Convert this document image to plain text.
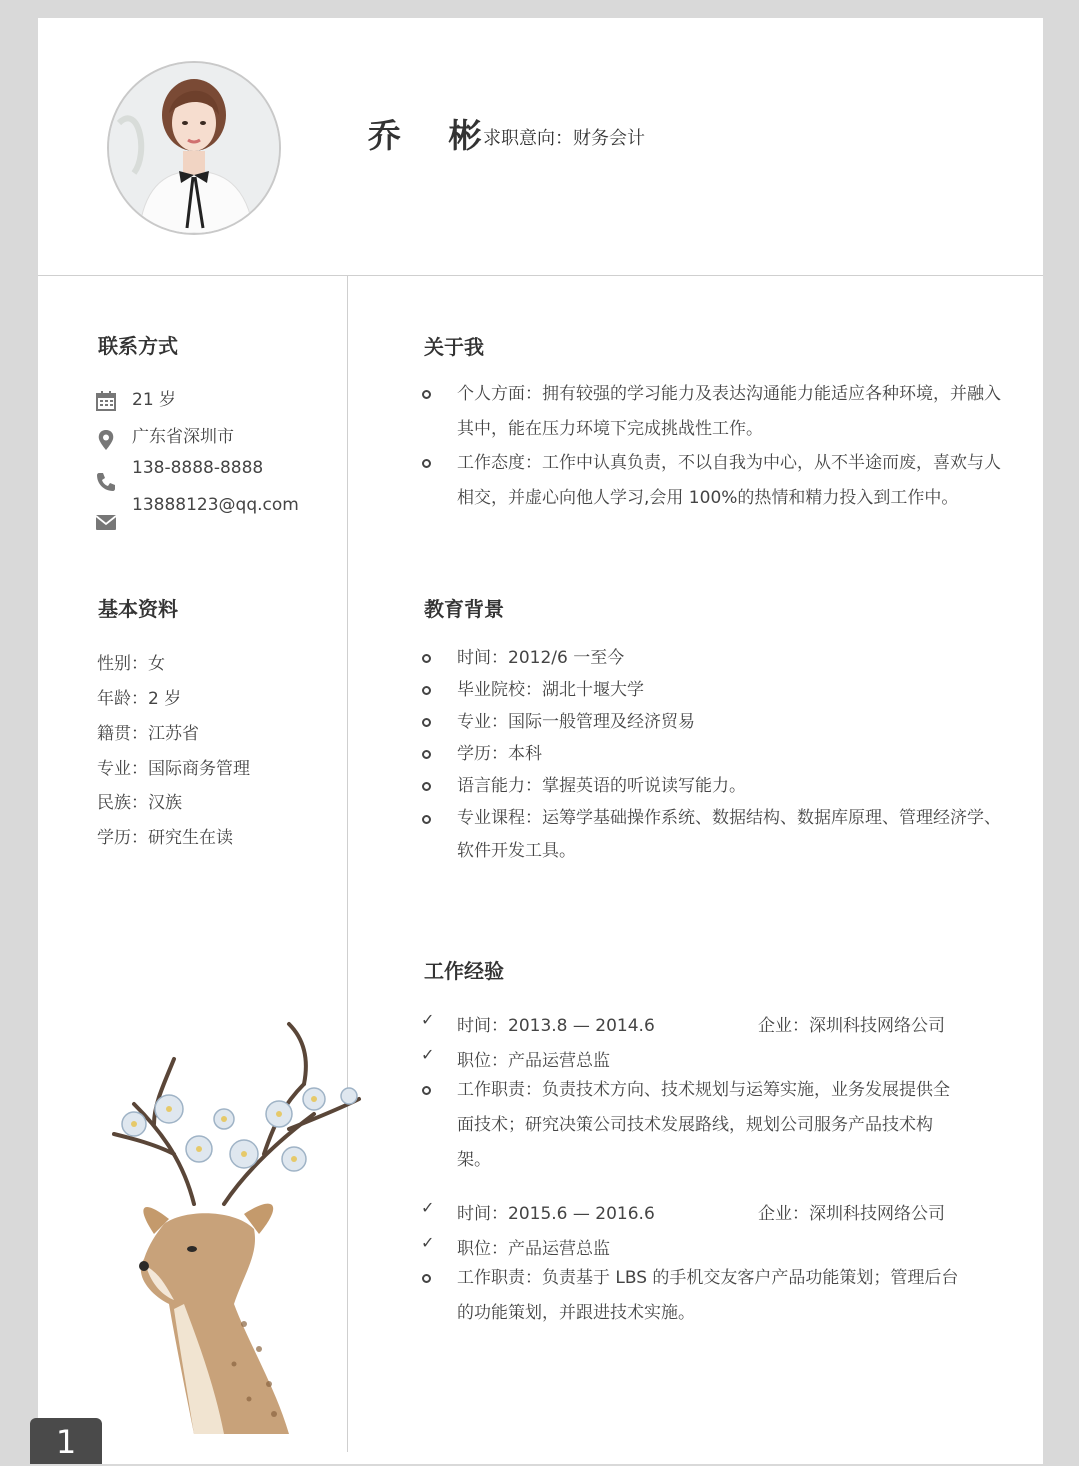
乔 彬
求职意向：财务会计
联系方式
21 岁
广东省深圳市
138-8888-8888
13888123@qq.com
基本资料
性别：女
年龄：2 岁
籍贯：江苏省
专业：国际商务管理
民族：汉族
学历：研究生在读
关于我
个人方面：拥有较强的学习能力及表达沟通能力能适应各种环境，并融入其中，能在压力环境下完成挑战性工作。
工作态度：工作中认真负责，不以自我为中心，从不半途而废，喜欢与人相交，并虚心向他人学习,会用 100%的热情和精力投入到工作中。
教育背景
时间：2012/6 一至今
毕业院校：湖北十堰大学
专业：国际一般管理及经济贸易
学历：本科
语言能力：掌握英语的听说读写能力。
专业课程：运筹学基础操作系统、数据结构、数据库原理、管理经济学、软件开发工具。
工作经验
✓ 时间：2013.8 — 2014.6	企业：深圳科技网络公司
✓ 职位：产品运营总监
工作职责：负责技术方向、技术规划与运筹实施，业务发展提供全面技术；研究决策公司技术发展路线，规划公司服务产品技术构架。
✓ 时间：2015.6 — 2016.6	企业：深圳科技网络公司
✓ 职位：产品运营总监
工作职责：负责基于 LBS 的手机交友客户产品功能策划；管理后台的功能策划，并跟进技术实施。
1
